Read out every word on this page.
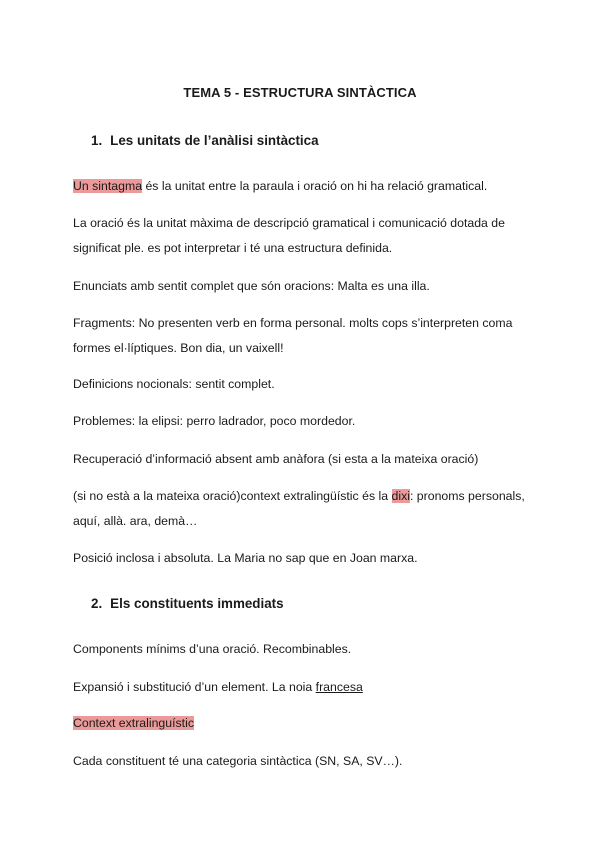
TEMA 5 - ESTRUCTURA SINTÀCTICA
1. Les unitats de l’anàlisi sintàctica
Un sintagma és la unitat entre la paraula i oració on hi ha relació gramatical.
La oració és la unitat màxima de descripció gramatical i comunicació dotada de
significat ple. es pot interpretar i té una estructura definida.
Enunciats amb sentit complet que són oracions: Malta es una illa.
Fragments: No presenten verb en forma personal. molts cops s’interpreten coma
formes el·líptiques. Bon dia, un vaixell!
Definicions nocionals: sentit complet.
Problemes: la elipsi: perro ladrador, poco mordedor.
Recuperació d’informació absent amb anàfora (si esta a la mateixa oració)
(si no està a la mateixa oració)context extralingüístic és la dixi: pronoms personals,
aquí, allà. ara, demà…
Posició inclosa i absoluta. La Maria no sap que en Joan marxa.
2. Els constituents immediats
Components mínims d’una oració. Recombinables.
Expansió i substitució d’un element. La noia francesa
Context extralinguístic
Cada constituent té una categoria sintàctica (SN, SA, SV…).
